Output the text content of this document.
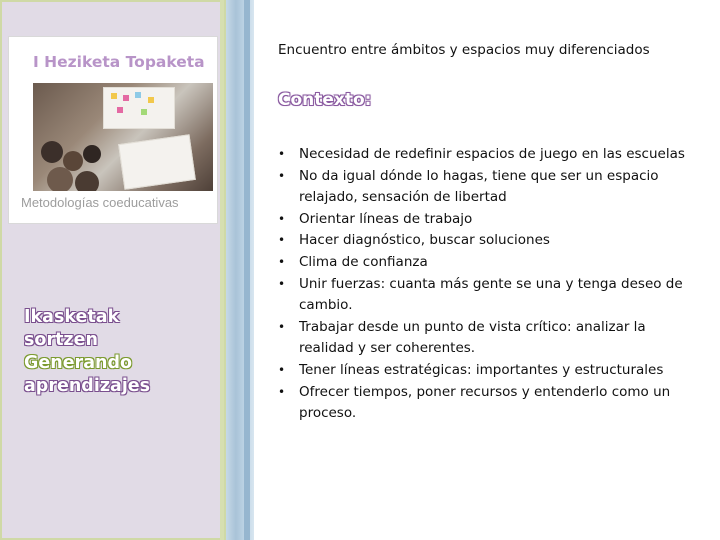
I Heziketa Topaketa
Metodologías coeducativas
Ikasketak
sortzen
Generando
aprendizajes
Encuentro entre ámbitos y espacios muy diferenciados
Contexto:
• Necesidad de redefinir espacios de juego en las escuelas
• No da igual dónde lo hagas, tiene que ser un espacio relajado, sensación de libertad
• Orientar líneas de trabajo
• Hacer diagnóstico, buscar soluciones
• Clima de confianza
• Unir fuerzas: cuanta más gente se una y tenga deseo de cambio.
• Trabajar desde un punto de vista crítico: analizar la realidad y ser coherentes.
• Tener líneas estratégicas: importantes y estructurales
• Ofrecer tiempos, poner recursos y entenderlo como un proceso.
